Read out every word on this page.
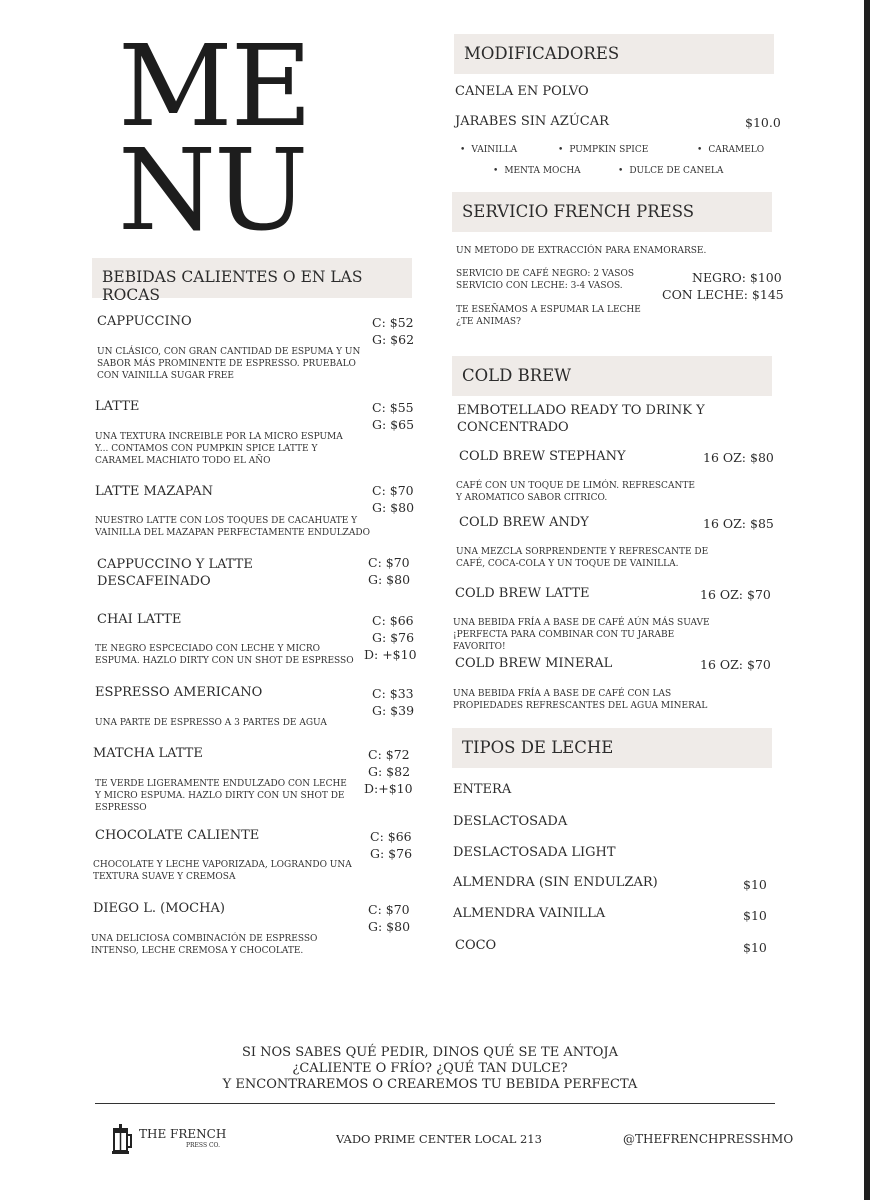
ME
NU
BEBIDAS CALIENTES O EN LAS ROCAS
CAPPUCCINO	C: $52
G: $62
UN CLÁSICO, CON GRAN CANTIDAD DE ESPUMA Y UN SABOR MÁS PROMINENTE DE ESPRESSO. PRUEBALO CON VAINILLA SUGAR FREE
LATTE	C: $55
G: $65
UNA TEXTURA INCREIBLE POR LA MICRO ESPUMA Y... CONTAMOS CON PUMPKIN SPICE LATTE Y CARAMEL MACHIATO TODO EL AÑO
LATTE MAZAPAN	C: $70
G: $80
NUESTRO LATTE CON LOS TOQUES DE CACAHUATE Y VAINILLA DEL MAZAPAN PERFECTAMENTE ENDULZADO
CAPPUCCINO Y LATTE DESCAFEINADO
C: $70
G: $80
CHAI LATTE	C: $66
G: $76
D: +$10
TE NEGRO ESPCECIADO CON LECHE Y MICRO ESPUMA. HAZLO DIRTY CON UN SHOT DE ESPRESSO
ESPRESSO AMERICANO	C: $33
G: $39
UNA PARTE DE ESPRESSO A 3 PARTES DE AGUA
MATCHA LATTE	C: $72
G: $82
D:+$10
TE VERDE LIGERAMENTE ENDULZADO CON LECHE Y MICRO ESPUMA. HAZLO DIRTY CON UN SHOT DE ESPRESSO
CHOCOLATE CALIENTE	C: $66
G: $76
CHOCOLATE Y LECHE VAPORIZADA, LOGRANDO UNA TEXTURA SUAVE Y CREMOSA
DIEGO L. (MOCHA)	C: $70
G: $80
UNA DELICIOSA COMBINACIÓN DE ESPRESSO INTENSO, LECHE CREMOSA Y CHOCOLATE.
MODIFICADORES
CANELA EN POLVO
JARABES SIN AZÚCAR	$10.0
• VAINILLA	• PUMPKIN SPICE	• CARAMELO
• MENTA MOCHA	• DULCE DE CANELA
SERVICIO FRENCH PRESS
UN METODO DE EXTRACCIÓN PARA ENAMORARSE.
SERVICIO DE CAFÉ NEGRO: 2 VASOS
SERVICIO CON LECHE: 3-4 VASOS.
NEGRO: $100
CON LECHE: $145
TE ESEÑAMOS A ESPUMAR LA LECHE
¿TE ANIMAS?
COLD BREW
EMBOTELLADO READY TO DRINK Y CONCENTRADO
COLD BREW STEPHANY	16 OZ: $80
CAFÉ CON UN TOQUE DE LIMÓN. REFRESCANTE Y AROMATICO SABOR CITRICO.
COLD BREW ANDY	16 OZ: $85
UNA MEZCLA SORPRENDENTE Y REFRESCANTE DE CAFÉ, COCA-COLA Y UN TOQUE DE VAINILLA.
COLD BREW LATTE	16 OZ: $70
UNA BEBIDA FRÍA A BASE DE CAFÉ AÚN MÁS SUAVE ¡PERFECTA PARA COMBINAR CON TU JARABE FAVORITO!
COLD BREW MINERAL	16 OZ: $70
UNA BEBIDA FRÍA A BASE DE CAFÉ CON LAS PROPIEDADES REFRESCANTES DEL AGUA MINERAL
TIPOS DE LECHE
ENTERA
DESLACTOSADA
DESLACTOSADA LIGHT
ALMENDRA (SIN ENDULZAR)	$10
ALMENDRA VAINILLA	$10
COCO	$10
SI NOS SABES QUÉ PEDIR, DINOS QUÉ SE TE ANTOJA
¿CALIENTE O FRÍO? ¿QUÉ TAN DULCE?
Y ENCONTRAREMOS O CREAREMOS TU BEBIDA PERFECTA
THE FRENCH
PRESS CO.	VADO PRIME CENTER LOCAL 213	@THEFRENCHPRESSHMO
